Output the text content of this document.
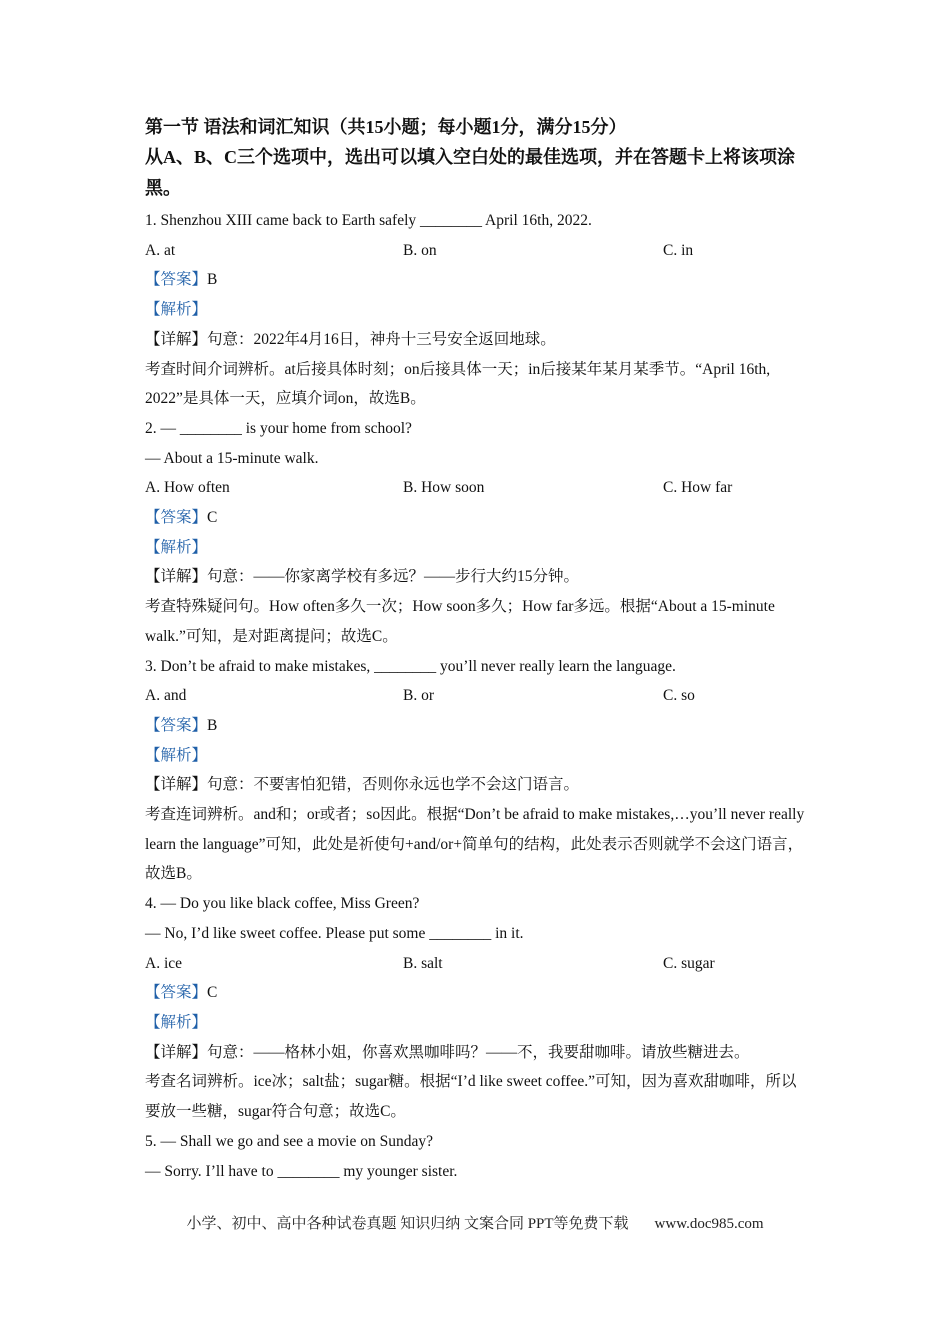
第一节 语法和词汇知识（共15小题；每小题1分，满分15分）

从A、B、C三个选项中，选出可以填入空白处的最佳选项，并在答题卡上将该项涂黑。

1. Shenzhou XIII came back to Earth safely ________ April 16th, 2022.

A. at	B. on	C. in

【答案】B

【解析】

【详解】句意：2022年4月16日，神舟十三号安全返回地球。

考查时间介词辨析。at后接具体时刻；on后接具体一天；in后接某年某月某季节。“April 16th, 2022”是具体一天，应填介词on，故选B。

2. — ________ is your home from school?

— About a 15-minute walk.

A. How often	B. How soon	C. How far

【答案】C

【解析】

【详解】句意：——你家离学校有多远？——步行大约15分钟。

考查特殊疑问句。How often多久一次；How soon多久；How far多远。根据“About a 15-minute walk.”可知，是对距离提问；故选C。

3. Don’t be afraid to make mistakes, ________ you’ll never really learn the language.

A. and	B. or	C. so

【答案】B

【解析】

【详解】句意：不要害怕犯错，否则你永远也学不会这门语言。

考查连词辨析。and和；or或者；so因此。根据“Don’t be afraid to make mistakes,…you’ll never really learn the language”可知，此处是祈使句+and/or+简单句的结构，此处表示否则就学不会这门语言，故选B。

4. — Do you like black coffee, Miss Green?

— No, I’d like sweet coffee. Please put some ________ in it.

A. ice	B. salt	C. sugar

【答案】C

【解析】

【详解】句意：——格林小姐，你喜欢黑咖啡吗？——不，我要甜咖啡。请放些糖进去。

考查名词辨析。ice冰；salt盐；sugar糖。根据“I’d like sweet coffee.”可知，因为喜欢甜咖啡，所以要放一些糖，sugar符合句意；故选C。

5. — Shall we go and see a movie on Sunday?

— Sorry. I’ll have to ________ my younger sister.

小学、初中、高中各种试卷真题 知识归纳 文案合同 PPT等免费下载 www.doc985.com
